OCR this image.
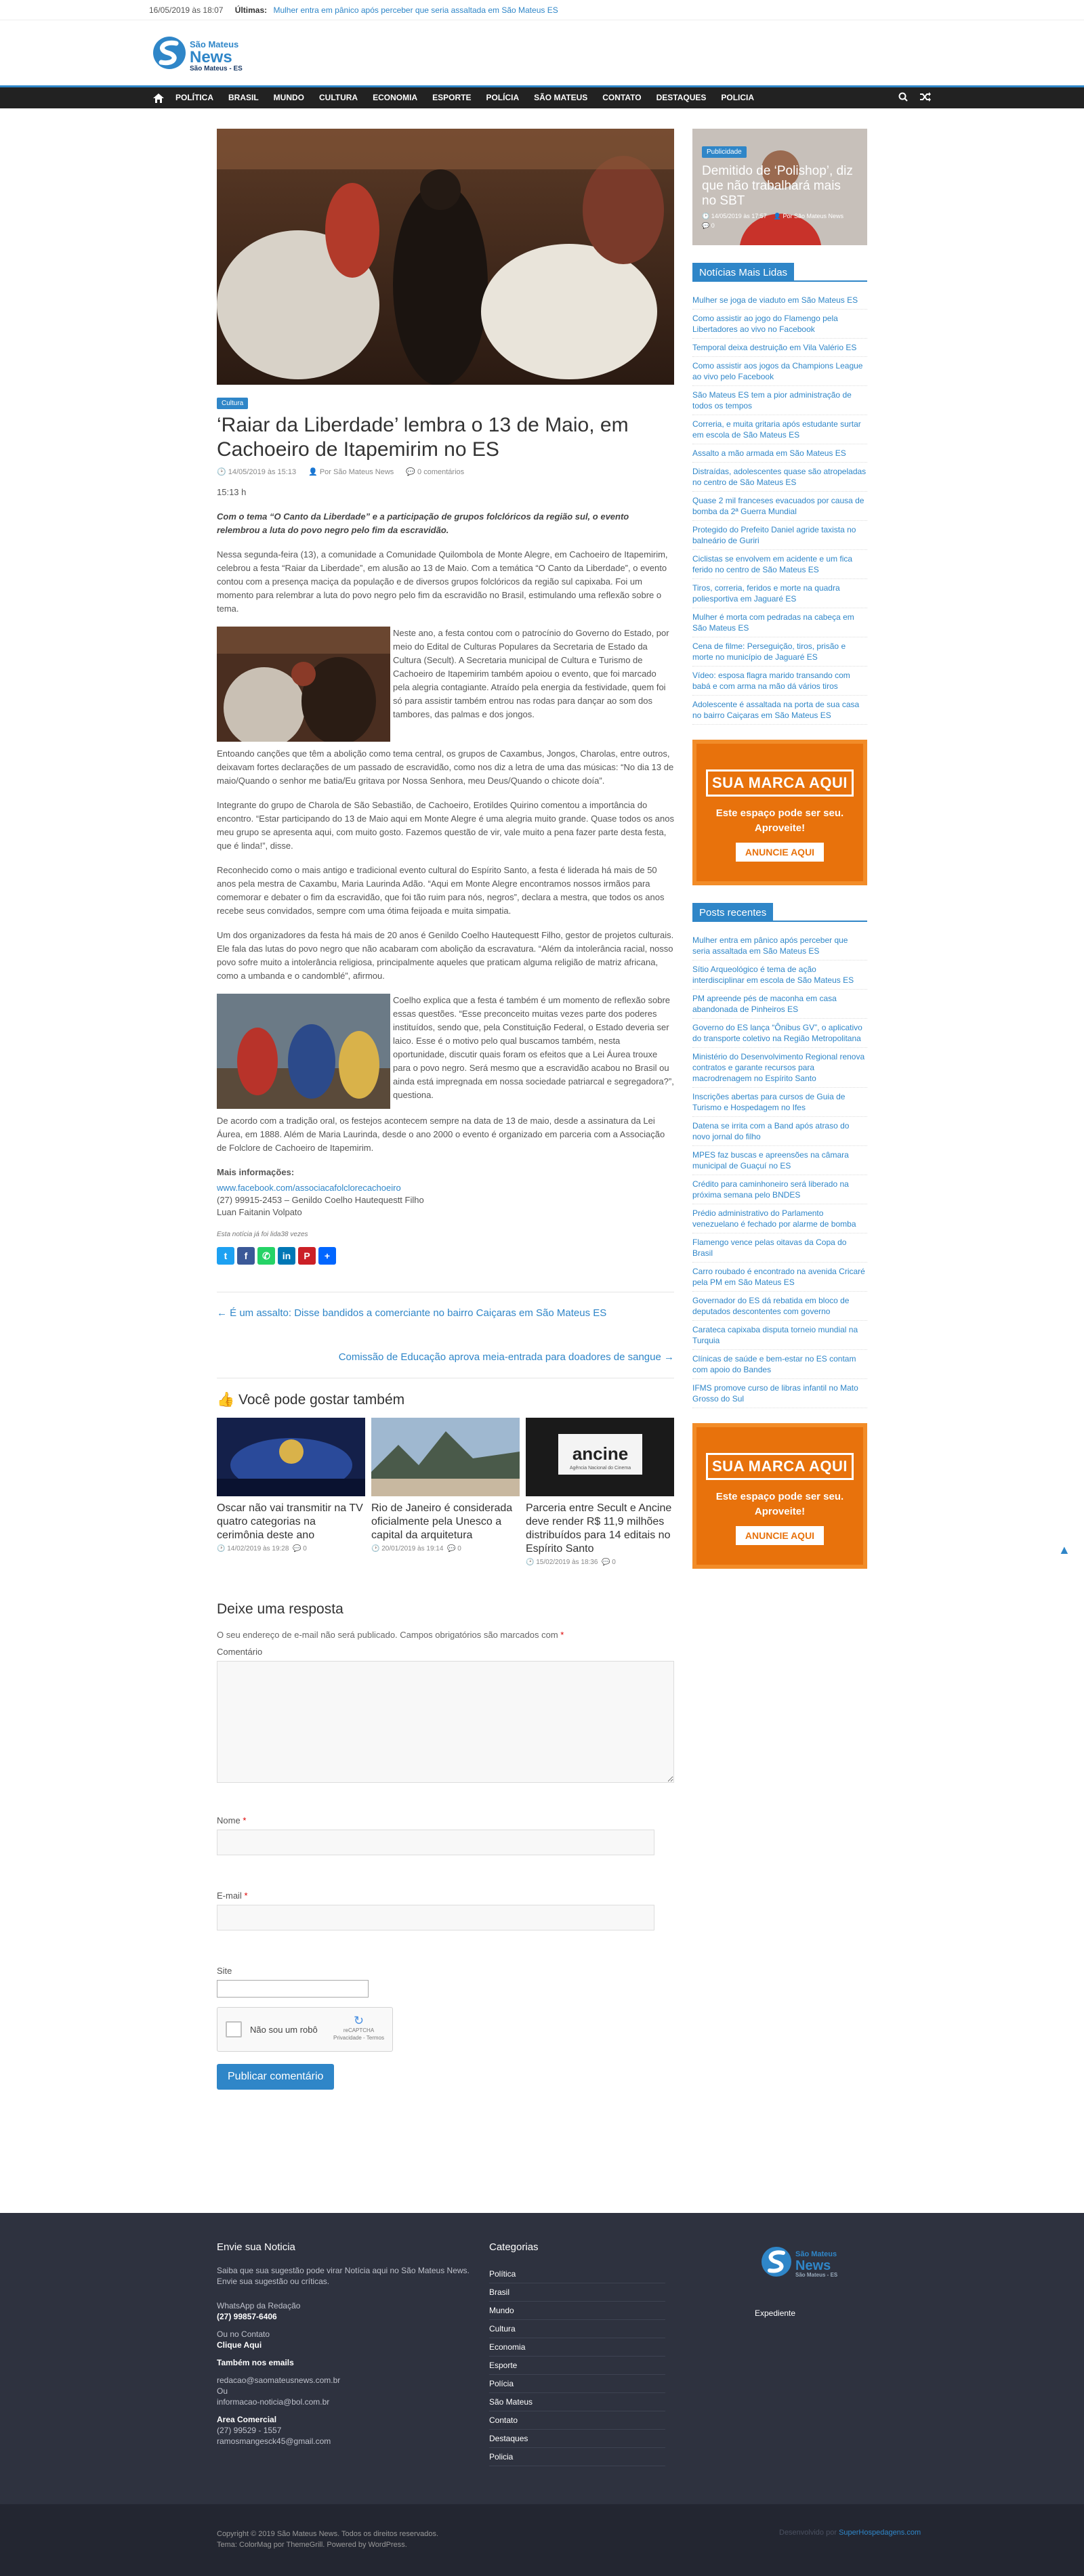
16/05/2019 às 18:07 Últimas: Mulher entra em pânico após perceber que seria assaltada em São Mateus ES
São Mateus
News
São Mateus - ES
POLÍTICA	BRASIL	MUNDO	CULTURA	ECONOMIA	ESPORTE	POLÍCIA	SÃO MATEUS	CONTATO	DESTAQUES	POLICIA
Cultura
‘Raiar da Liberdade’ lembra o 13 de Maio, em Cachoeiro de Itapemirim no ES
🕑 14/05/2019 às 15:13 👤 Por São Mateus News 💬 0 comentários

15:13 h

Com o tema “O Canto da Liberdade” e a participação de grupos folclóricos da região sul, o evento relembrou a luta do povo negro pelo fim da escravidão.

Nessa segunda-feira (13), a comunidade a Comunidade Quilombola de Monte Alegre, em Cachoeiro de Itapemirim, celebrou a festa “Raiar da Liberdade”, em alusão ao 13 de Maio. Com a temática “O Canto da Liberdade”, o evento contou com a presença maciça da população e de diversos grupos folclóricos da região sul capixaba. Foi um momento para relembrar a luta do povo negro pelo fim da escravidão no Brasil, estimulando uma reflexão sobre o tema.

Neste ano, a festa contou com o patrocínio do Governo do Estado, por meio do Edital de Culturas Populares da Secretaria de Estado da Cultura (Secult). A Secretaria municipal de Cultura e Turismo de Cachoeiro de Itapemirim também apoiou o evento, que foi marcado pela alegria contagiante. Atraído pela energia da festividade, quem foi só para assistir também entrou nas rodas para dançar ao som dos tambores, das palmas e dos jongos.

Entoando canções que têm a abolição como tema central, os grupos de Caxambus, Jongos, Charolas, entre outros, deixavam fortes declarações de um passado de escravidão, como nos diz a letra de uma das músicas: “No dia 13 de maio/Quando o senhor me batia/Eu gritava por Nossa Senhora, meu Deus/Quando o chicote doía”.

Integrante do grupo de Charola de São Sebastião, de Cachoeiro, Erotildes Quirino comentou a importância do encontro. “Estar participando do 13 de Maio aqui em Monte Alegre é uma alegria muito grande. Quase todos os anos meu grupo se apresenta aqui, com muito gosto. Fazemos questão de vir, vale muito a pena fazer parte desta festa, que é linda!”, disse.

Reconhecido como o mais antigo e tradicional evento cultural do Espírito Santo, a festa é liderada há mais de 50 anos pela mestra de Caxambu, Maria Laurinda Adão. “Aqui em Monte Alegre encontramos nossos irmãos para comemorar e debater o fim da escravidão, que foi tão ruim para nós, negros”, declara a mestra, que todos os anos recebe seus convidados, sempre com uma ótima feijoada e muita simpatia.

Um dos organizadores da festa há mais de 20 anos é Genildo Coelho Hautequestt Filho, gestor de projetos culturais. Ele fala das lutas do povo negro que não acabaram com abolição da escravatura. “Além da intolerância racial, nosso povo sofre muito a intolerância religiosa, principalmente aqueles que praticam alguma religião de matriz africana, como a umbanda e o candomblé”, afirmou.

Coelho explica que a festa é também é um momento de reflexão sobre essas questões. “Esse preconceito muitas vezes parte dos poderes instituídos, sendo que, pela Constituição Federal, o Estado deveria ser laico. Esse é o motivo pelo qual buscamos também, nesta oportunidade, discutir quais foram os efeitos que a Lei Áurea trouxe para o povo negro. Será mesmo que a escravidão acabou no Brasil ou ainda está impregnada em nossa sociedade patriarcal e segregadora?”, questiona.

De acordo com a tradição oral, os festejos acontecem sempre na data de 13 de maio, desde a assinatura da Lei Áurea, em 1888. Além de Maria Laurinda, desde o ano 2000 o evento é organizado em parceria com a Associação de Folclore de Cachoeiro de Itapemirim.

Mais informações:

www.facebook.com/associacafolclorecachoeiro
(27) 99915-2453 – Genildo Coelho Hautequestt Filho
Luan Faitanin Volpato

Esta notícia já foi lida38 vezes

t	f	✆	in	P	+
← É um assalto: Disse bandidos a comerciante no bairro Caiçaras em São Mateus ES
Comissão de Educação aprova meia-entrada para doadores de sangue →
👍 Você pode gostar também
Oscar não vai transmitir na TV quatro categorias na cerimônia deste ano
🕑 14/02/2019 às 19:28  💬 0
Rio de Janeiro é considerada oficialmente pela Unesco a capital da arquitetura
🕑 20/01/2019 às 19:14  💬 0
ancine
Agência Nacional do Cinema
Parceria entre Secult e Ancine deve render R$ 11,9 milhões distribuídos para 14 editais no Espírito Santo
🕑 15/02/2019 às 18:36  💬 0
Deixe uma resposta
O seu endereço de e-mail não será publicado. Campos obrigatórios são marcados com *
Comentário
Nome *
E-mail *
Site
Não sou um robô
↻
reCAPTCHA
Privacidade - Termos
Publicar comentário
Publicidade
Demitido de ‘Polishop’, diz que não trabalhará mais no SBT
🕑 14/05/2019 às 17:57 👤 Por São Mateus News
💬 0
Notícias Mais Lidas
Mulher se joga de viaduto em São Mateus ES
Como assistir ao jogo do Flamengo pela Libertadores ao vivo no Facebook
Temporal deixa destruição em Vila Valério ES
Como assistir aos jogos da Champions League ao vivo pelo Facebook
São Mateus ES tem a pior administração de todos os tempos
Correria, e muita gritaria após estudante surtar em escola de São Mateus ES
Assalto a mão armada em São Mateus ES
Distraídas, adolescentes quase são atropeladas no centro de São Mateus ES
Quase 2 mil franceses evacuados por causa de bomba da 2ª Guerra Mundial
Protegido do Prefeito Daniel agride taxista no balneário de Guriri
Ciclistas se envolvem em acidente e um fica ferido no centro de São Mateus ES
Tiros, correria, feridos e morte na quadra poliesportiva em Jaguaré ES
Mulher é morta com pedradas na cabeça em São Mateus ES
Cena de filme: Perseguição, tiros, prisão e morte no município de Jaguaré ES
Vídeo: esposa flagra marido transando com babá e com arma na mão dá vários tiros
Adolescente é assaltada na porta de sua casa no bairro Caiçaras em São Mateus ES
SUA MARCA AQUI
Este espaço pode ser seu.
Aproveite!
ANUNCIE AQUI
Posts recentes
Mulher entra em pânico após perceber que seria assaltada em São Mateus ES
Sítio Arqueológico é tema de ação interdisciplinar em escola de São Mateus ES
PM apreende pés de maconha em casa abandonada de Pinheiros ES
Governo do ES lança “Ônibus GV”, o aplicativo do transporte coletivo na Região Metropolitana
Ministério do Desenvolvimento Regional renova contratos e garante recursos para macrodrenagem no Espírito Santo
Inscrições abertas para cursos de Guia de Turismo e Hospedagem no Ifes
Datena se irrita com a Band após atraso do novo jornal do filho
MPES faz buscas e apreensões na câmara municipal de Guaçuí no ES
Crédito para caminhoneiro será liberado na próxima semana pelo BNDES
Prédio administrativo do Parlamento venezuelano é fechado por alarme de bomba
Flamengo vence pelas oitavas da Copa do Brasil
Carro roubado é encontrado na avenida Cricaré pela PM em São Mateus ES
Governador do ES dá rebatida em bloco de deputados descontentes com governo
Caratecа capixaba disputa torneio mundial na Turquia
Clínicas de saúde e bem-estar no ES contam com apoio do Bandes
IFMS promove curso de libras infantil no Mato Grosso do Sul
SUA MARCA AQUI
Este espaço pode ser seu.
Aproveite!
ANUNCIE AQUI
▲
Envie sua Noticia

Saiba que sua sugestão pode virar Notícia aqui no São Mateus News. Envie sua sugestão ou críticas.

WhatsApp da Redação
(27) 99857-6406

Ou no Contato
Clique Aqui

Também nos emails

redacao@saomateusnews.com.br
Ou
informacao-noticia@bol.com.br

Area Comercial
(27) 99529 - 1557
ramosmangesck45@gmail.com

Categorias
Política
Brasil
Mundo
Cultura
Economia
Esporte
Polícia
São Mateus
Contato
Destaques
Policia
São Mateus
News
São Mateus - ES
Expediente
Copyright © 2019 São Mateus News. Todos os direitos reservados.
Tema: ColorMag por ThemeGrill. Powered by WordPress.
Desenvolvido por SuperHospedagens.com
